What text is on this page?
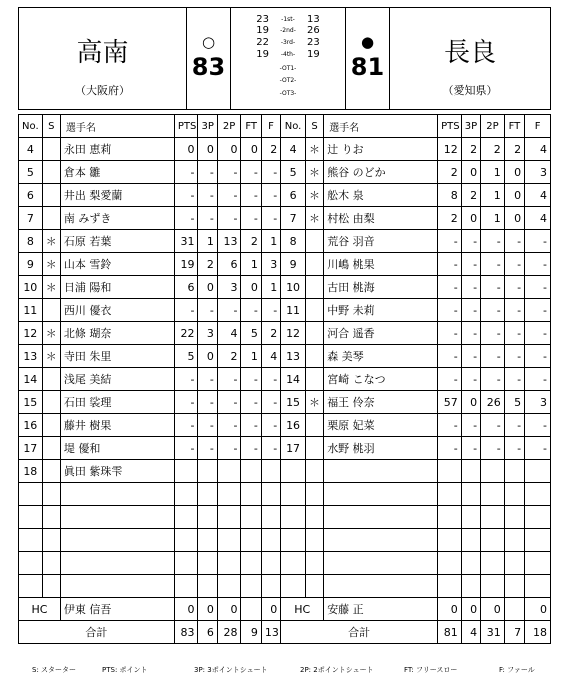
高南
（大阪府）
○
83
23	-1st-	13
19	-2nd-	26
22	-3rd-	23
19	-4th-	19
-OT1-
-OT2-
-OT3-
●
81	長良
（愛知県）
No.	S	選手名	PTS	3P	2P	FT	F	No.	S	選手名	PTS	3P	2P	FT	F
4		永田 恵莉	0	0	0	0	2	4	＊	辻 りお	12	2	2	2	4
5		倉本 雛	-	-	-	-	-	5	＊	熊谷 のどか	2	0	1	0	3
6		井出 梨愛蘭	-	-	-	-	-	6	＊	舩木 泉	8	2	1	0	4
7		南 みずき	-	-	-	-	-	7	＊	村松 由梨	2	0	1	0	4
8	＊	石原 若葉	31	1	13	2	1	8		荒谷 羽音	-	-	-	-	-
9	＊	山本 雪鈴	19	2	6	1	3	9		川嶋 桃果	-	-	-	-	-
10	＊	日浦 陽和	6	0	3	0	1	10		古田 桃海	-	-	-	-	-
11		西川 優衣	-	-	-	-	-	11		中野 未莉	-	-	-	-	-
12	＊	北條 瑚奈	22	3	4	5	2	12		河合 遥香	-	-	-	-	-
13	＊	寺田 朱里	5	0	2	1	4	13		森 美琴	-	-	-	-	-
14		浅尾 美結	-	-	-	-	-	14		宮崎 こなつ	-	-	-	-	-
15		石田 裟理	-	-	-	-	-	15	＊	福王 伶奈	57	0	26	5	3
16		藤井 樹果	-	-	-	-	-	16		栗原 妃菜	-	-	-	-	-
17		堤 優和	-	-	-	-	-	17		水野 桃羽	-	-	-	-	-
18		眞田 紫珠雫													

HC		伊東 信吾	0	0	0		0	HC		安藤 正	0	0	0		0
合計			83	6	28	9	13	合計			81	4	31	7	18
S: スターター	PTS: ポイント	3P: 3ポイントシュート	2P: 2ポイントシュート	FT: フリースロー	F: ファール
